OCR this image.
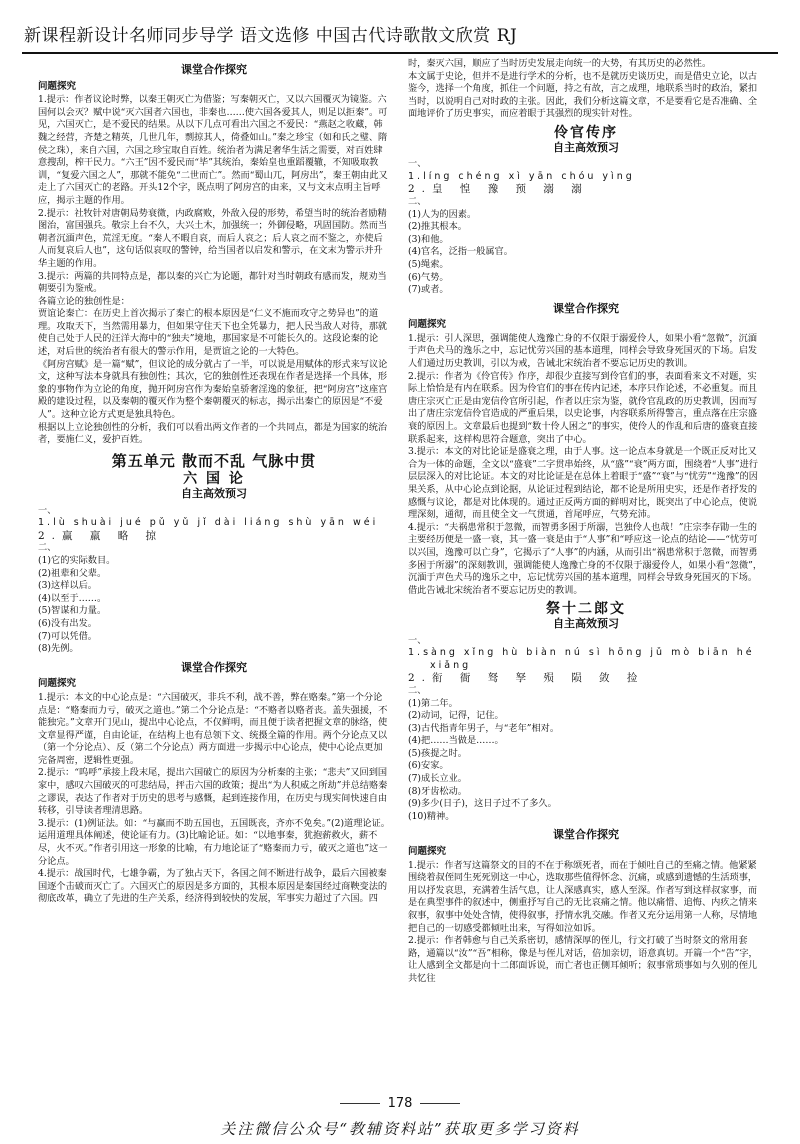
新课程新设计名师同步导学 语文选修 中国古代诗歌散文欣赏 RJ
课堂合作探究
问题探究

1.提示：作者议论时弊，以秦王朝灭亡为借鉴；写秦朝灭亡，又以六国覆灭为镜鉴。六国何以会灭？赋中说“灭六国者六国也，非秦也……使六国各爱其人，则足以拒秦”。可见，六国灭亡，是不爱民的结果。从以下几点可看出六国之不爱民：“燕赵之收藏，韩魏之经营，齐楚之精英，几世几年，剽掠其人，倚叠如山。”秦之珍宝（如和氏之璧、隋侯之珠），来自六国，六国之珍宝取自百姓。统治者为满足奢华生活之需要，对百姓肆意搜刮，榨干民力。“六王”因不爱民而“毕”其统治，秦始皇也重蹈覆辙，不知吸取教训，“复爱六国之人”，那就不能免“二世而亡”。然而“蜀山兀，阿房出”，秦王朝由此又走上了六国灭亡的老路。开头12个字，既点明了阿房宫的由来，又与文末点明主旨呼应，揭示主题的作用。

2.提示：社牧针对唐朝局势衰微，内政腐败，外敌入侵的形势，希望当时的统治者励精图治，富国强兵。敬宗上台不久，大兴土木，加强统一；外御侵略，巩固国防。然而当朝者沉湎声色，荒淫无度。“秦人不暇自哀，而后人哀之；后人哀之而不鉴之，亦使后人而复哀后人也”，这句话似哀叹的警钟，给当国者以启发和警示，在文末为警示并升华主题的作用。

3.提示：两篇的共同特点是，都以秦的兴亡为论题，都针对当时朝政有感而发，规劝当朝要引为鉴戒。

各篇立论的独创性是：

贾谊论秦亡：在历史上首次揭示了秦亡的根本原因是“仁义不施而攻守之势异也”的道理。攻取天下，当然需用暴力，但如果守住天下也全凭暴力，把人民当敌人对待，那就使自己处于人民的汪洋大海中的“独夫”境地，那国家是不可能长久的。这段论秦的论述，对后世的统治者有很大的警示作用，是贾谊之论的一大特色。

《阿房宫赋》是一篇“赋”，但议论的成分就占了一半，可以说是用赋体的形式来写议论文，这种写法本身就具有独创性；其次，它的独创性还表现在作者是选择一个具体，形象的事物作为立论的角度，抛开阿房宫作为秦始皇骄奢淫逸的象征，把“阿房宫”这座宫殿的建设过程，以及秦朝的覆灭作为整个秦朝覆灭的标志，揭示出秦亡的原因是“不爱人”。这种立论方式更是独具特色。

根据以上立论独创性的分析，我们可以看出两文作者的一个共同点，都是为国家的统治者，要施仁义，爱护百姓。

第五单元 散而不乱 气脉中贯
六 国 论
自主高效预习

一、

1.lù shuài jué pǔ yǔ jǐ dài liáng shù yān wéi

2.赢 羸 略 掠

二、

(1)它的实际数目。

(2)祖辈和父辈。

(3)这样以后。

(4)以至于……。

(5)智谋和力量。

(6)没有出发。

(7)可以凭借。

(8)先例。

课堂合作探究
问题探究

1.提示：本文的中心论点是：“六国破灭，非兵不利，战不善，弊在赂秦。”第一个分论点是：“赂秦而力亏，破灭之道也。”第二个分论点是：“不赂者以赂者丧。盖失强援，不能独完。”文章开门见山，提出中心论点，不仅鲜明，而且便于读者把握文章的脉络，使文章显得严谨，自由论证，在结构上也有总领下文、统摄全篇的作用。两个分论点又以（第一个分论点）、反（第二个分论点）两方面进一步揭示中心论点，使中心论点更加完备周密，逻辑性更强。

2.提示：“呜呼”承接上段末尾，提出六国破亡的原因为分析秦的主张；“悲夫”又回到国家中，感叹六国破灭的可悲结局，抨击六国的政策；提出“为人积威之所劫”并总结赂秦之谬误，表达了作者对于历史的思考与感慨，起到连接作用，在历史与现实间快速自由转移，引导读者理清思路。

3.提示：(1)例证法。如：“与赢而不助五国也，五国既丧，齐亦不免矣。”(2)道理论证。运用道理具体阐述，使论证有力。(3)比喻论证。如：“以地事秦，犹抱薪救火，薪不尽，火不灭。”作者引用这一形象的比喻，有力地论证了“赂秦而力亏，破灭之道也”这一分论点。

4.提示：战国时代，七雄争霸，为了独占天下，各国之间不断进行战争，最后六国被秦国逐个击破而灭亡了。六国灭亡的原因是多方面的，其根本原因是秦国经过商鞅变法的彻底改革，确立了先进的生产关系，经济得到较快的发展，军事实力超过了六国。四

时，秦灭六国，顺应了当时历史发展走向统一的大势，有其历史的必然性。

本文属于史论，但并不是进行学术的分析，也不是就历史谈历史，而是借史立论，以古鉴今，选择一个角度，抓住一个问题，持之有故，言之成理，地联系当时的政治，紧扣当时，以说明自己对时政的主张。因此，我们分析这篇文章，不是要看它是否准确、全面地评价了历史事实，而应着眼于其强烈的现实针对性。

伶官传序
自主高效预习

一、

1.líng chéng xì yān chóu yìng

2.皇 惶 豫 预 溺 溺

二、

(1)人为的因素。

(2)推其根本。

(3)和他。

(4)官名，泛指一般属官。

(5)绳索。

(6)气势。

(7)或者。

课堂合作探究
问题探究

1.提示：引人深思，强调能使人逸豫亡身的不仅限于溺爱伶人，如果小看“忽微”，沉湎于声色犬马的逸乐之中，忘记忧劳兴国的基本道理，同样会导致身死国灭的下场。启发人们通过历史教训，引以为戒，告诫北宋统治者不要忘记历史的教训。

2.提示：作者为《伶官传》作序，却很少直接写到伶官们的事，表面看来文不对题，实际上恰恰是有内在联系。因为伶官们的事在传内记述，本序只作论述，不必重复。而且唐庄宗灭亡正是由宠信伶官所引起，作者以庄宗为鉴，就伶官乱政的历史教训，因而写出了唐庄宗宠信伶官造成的严重后果，以史论事，内容联系所得警言，重点落在庄宗盛衰的原因上。文章最后也提到“数十伶人困之”的事实，使伶人的作乱和后唐的盛衰直接联系起来，这样构思符合题意，突出了中心。

3.提示：本文的对比论证是盛衰之理，由于人事。这一论点本身就是一个既正反对比又合为一体的命题，全文以“盛衰”二字贯串始终，从“盛”“衰”两方面，围绕着“人事”进行层层深入的对比论证。本文的对比论证是在总体上着眼于“盛”“衰”与“忧劳”“逸豫”的因果关系，从中心论点到论据，从论证过程到结论，都不论是所用史实，还是作者抒发的感慨与议论，都是对比体现的。通过正反两方面的鲜明对比，既突出了中心论点，使说理深刻，通彻，而且使全文一气贯通，首尾呼应，气势充沛。

4.提示：“夫祸患常积于忽微，而智勇多困于所溺，岂独伶人也哉！”庄宗李存勖一生的主要经历便是一盛一衰，其一盛一衰是由于“人事”和“呼应这一论点的结论——“忧劳可以兴国，逸豫可以亡身”，它揭示了“人事”的内涵，从而引出“祸患常积于忽微，而智勇多困于所溺”的深刻教训，强调能使人逸豫亡身的不仅限于溺爱伶人，如果小看“忽微”，沉湎于声色犬马的逸乐之中，忘记忧劳兴国的基本道理，同样会导致身死国灭的下场。借此告诫北宋统治者不要忘记历史的教训。

祭十二郎文
自主高效预习

一、

1.sàng xǐng hù biàn nú sì hōng jǔ mò biān hé

xiǎng

2.衔 衙 驽 孥 殒 陨 敛 捡

二、

(1)第二年。

(2)动词，记得，记住。

(3)古代指青年男子，与“老年”相对。

(4)把……当做是……。

(5)孩提之时。

(6)安家。

(7)成长立业。

(8)牙齿松动。

(9)多少(日子)，这日子过不了多久。

(10)精神。

课堂合作探究
问题探究

1.提示：作者写这篇祭文的目的不在于称颂死者，而在于倾吐自己的至痛之情。他紧紧围绕着叔侄同生死死别这一中心，选取那些值得怀念、沉痛，或感到遗憾的生活琐事，用以抒发哀思，充满着生活气息，让人深感真实，感人至深。作者写到这样叔家事，而是在典型事件的叙述中，侧重抒写自己的无比哀痛之情。他以痛惜、追悔、内疚之情来叙事，叙事中处处含情，使得叙事，抒情水乳交融。作者又充分运用第一人称，尽情地把自己的一切感受都倾吐出来，写得如泣如诉。

2.提示：作者韩愈与自己关系密切，感情深厚的侄儿，行文打破了当时祭文的常用套路，通篇以“汝”“吾”相称，像是与侄儿对话，倍加亲切，语意真切。开篇一个“告”字，让人感到全文都是向十二郎面诉说，而亡者也正侧耳倾听；叙事常琐事如与久别的侄儿共忆往

178
关注微信公众号“教辅资料站”获取更多学习资料
